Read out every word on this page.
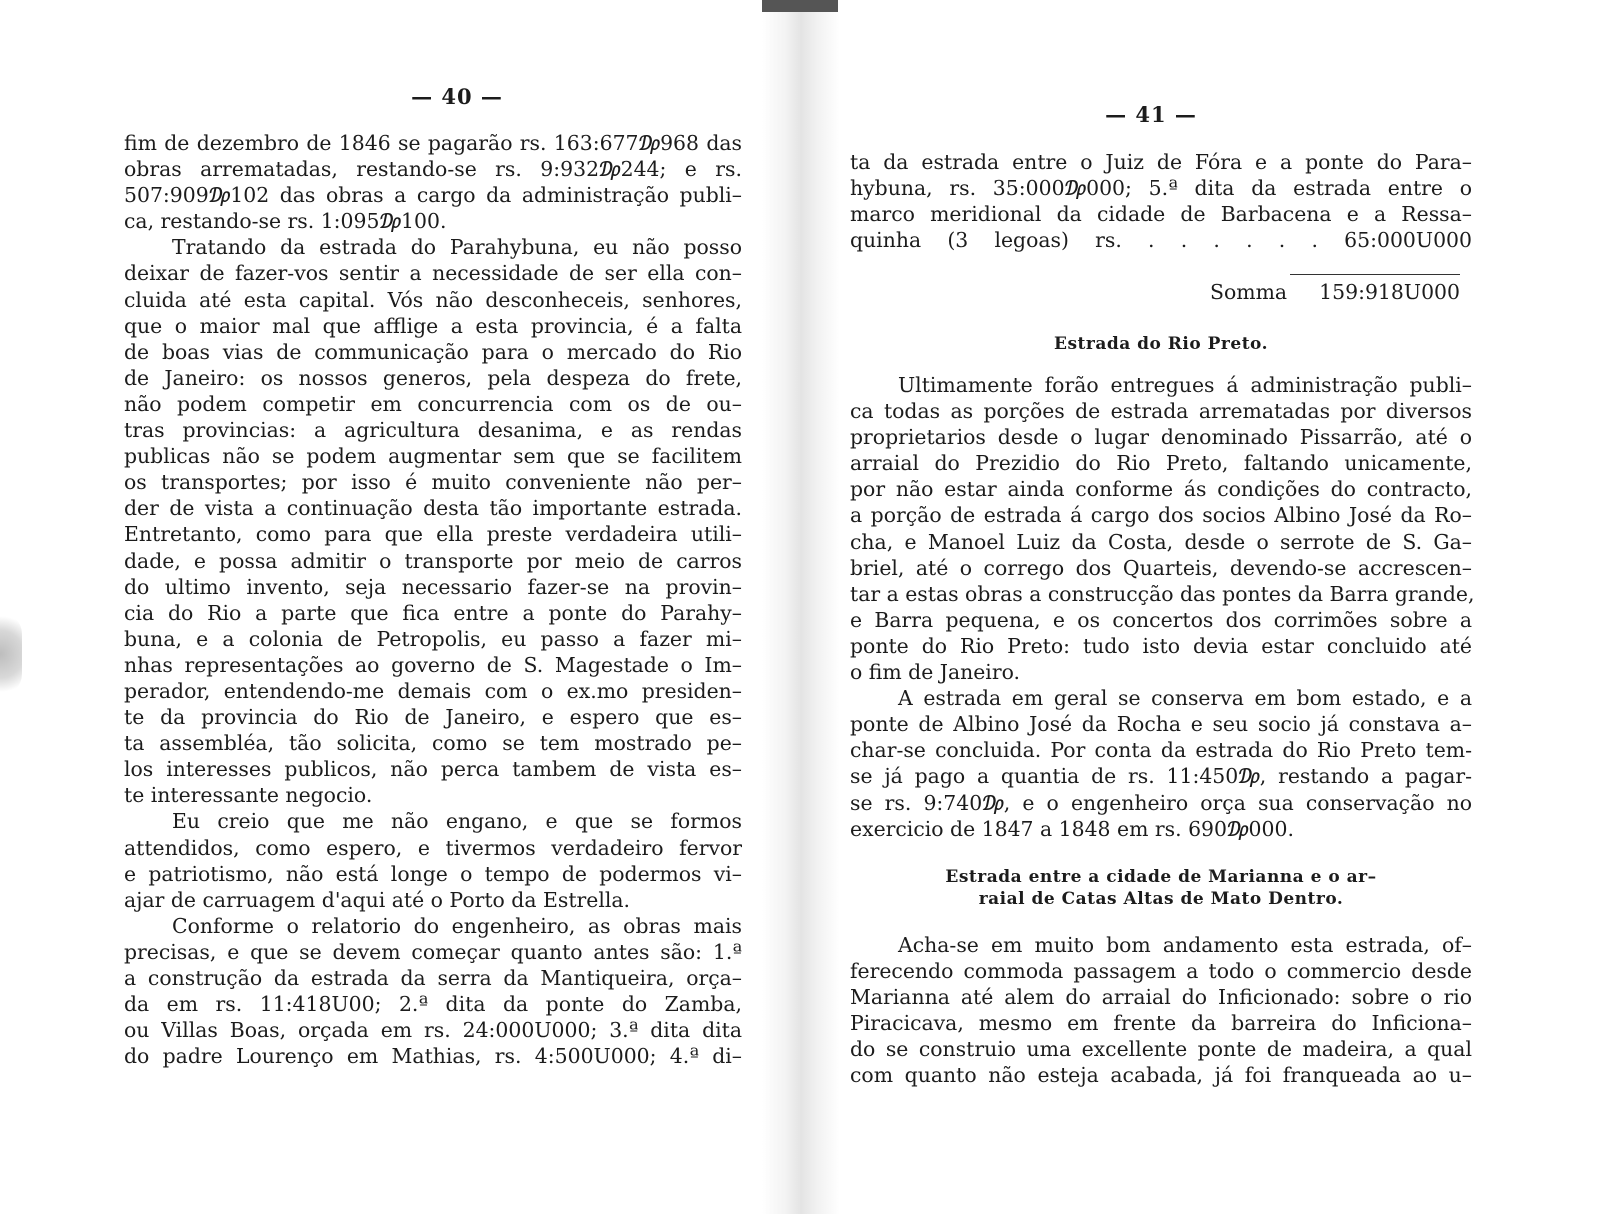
— 40 —
fim de dezembro de 1846 se pagarão rs. 163:677₯968 das
obras arrematadas, restando-se rs. 9:932₯244; e rs.
507:909₯102 das obras a cargo da administração publi–
ca, restando-se rs. 1:095₯100.
Tratando da estrada do Parahybuna, eu não posso
deixar de fazer-vos sentir a necessidade de ser ella con–
cluida até esta capital. Vós não desconheceis, senhores,
que o maior mal que afflige a esta provincia, é a falta
de boas vias de communicação para o mercado do Rio
de Janeiro: os nossos generos, pela despeza do frete,
não podem competir em concurrencia com os de ou–
tras provincias: a agricultura desanima, e as rendas
publicas não se podem augmentar sem que se facilitem
os transportes; por isso é muito conveniente não per–
der de vista a continuação desta tão importante estrada.
Entretanto, como para que ella preste verdadeira utili–
dade, e possa admitir o transporte por meio de carros
do ultimo invento, seja necessario fazer-se na provin–
cia do Rio a parte que fica entre a ponte do Parahy–
buna, e a colonia de Petropolis, eu passo a fazer mi–
nhas representações ao governo de S. Magestade o Im–
perador, entendendo-me demais com o ex.mo presiden–
te da provincia do Rio de Janeiro, e espero que es–
ta assembléa, tão solicita, como se tem mostrado pe–
los interesses publicos, não perca tambem de vista es–
te interessante negocio.
Eu creio que me não engano, e que se formos
attendidos, como espero, e tivermos verdadeiro fervor
e patriotismo, não está longe o tempo de podermos vi–
ajar de carruagem d'aqui até o Porto da Estrella.
Conforme o relatorio do engenheiro, as obras mais
precisas, e que se devem começar quanto antes são: 1.ª
a construção da estrada da serra da Mantiqueira, orça–
da em rs. 11:418U00; 2.ª dita da ponte do Zamba,
ou Villas Boas, orçada em rs. 24:000U000; 3.ª dita dita
do padre Lourenço em Mathias, rs. 4:500U000; 4.ª di–
— 41 —
ta da estrada entre o Juiz de Fóra e a ponte do Para–
hybuna, rs. 35:000₯000; 5.ª dita da estrada entre o
marco meridional da cidade de Barbacena e a Ressa–
quinha (3 legoas) rs. . . . . . . 65:000U000
Somma 159:918U000
Estrada do Rio Preto.
Ultimamente forão entregues á administração publi–
ca todas as porções de estrada arrematadas por diversos
proprietarios desde o lugar denominado Pissarrão, até o
arraial do Prezidio do Rio Preto, faltando unicamente,
por não estar ainda conforme ás condições do contracto,
a porção de estrada á cargo dos socios Albino José da Ro–
cha, e Manoel Luiz da Costa, desde o serrote de S. Ga–
briel, até o corrego dos Quarteis, devendo-se accrescen–
tar a estas obras a construcção das pontes da Barra grande,
e Barra pequena, e os concertos dos corrimões sobre a
ponte do Rio Preto: tudo isto devia estar concluido até
o fim de Janeiro.
A estrada em geral se conserva em bom estado, e a
ponte de Albino José da Rocha e seu socio já constava a–
char-se concluida. Por conta da estrada do Rio Preto tem-
se já pago a quantia de rs. 11:450₯, restando a pagar-
se rs. 9:740₯, e o engenheiro orça sua conservação no
exercicio de 1847 a 1848 em rs. 690₯000.
Estrada entre a cidade de Marianna e o ar–
raial de Catas Altas de Mato Dentro.
Acha-se em muito bom andamento esta estrada, of–
ferecendo commoda passagem a todo o commercio desde
Marianna até alem do arraial do Inficionado: sobre o rio
Piracicava, mesmo em frente da barreira do Inficiona–
do se construio uma excellente ponte de madeira, a qual
com quanto não esteja acabada, já foi franqueada ao u–
